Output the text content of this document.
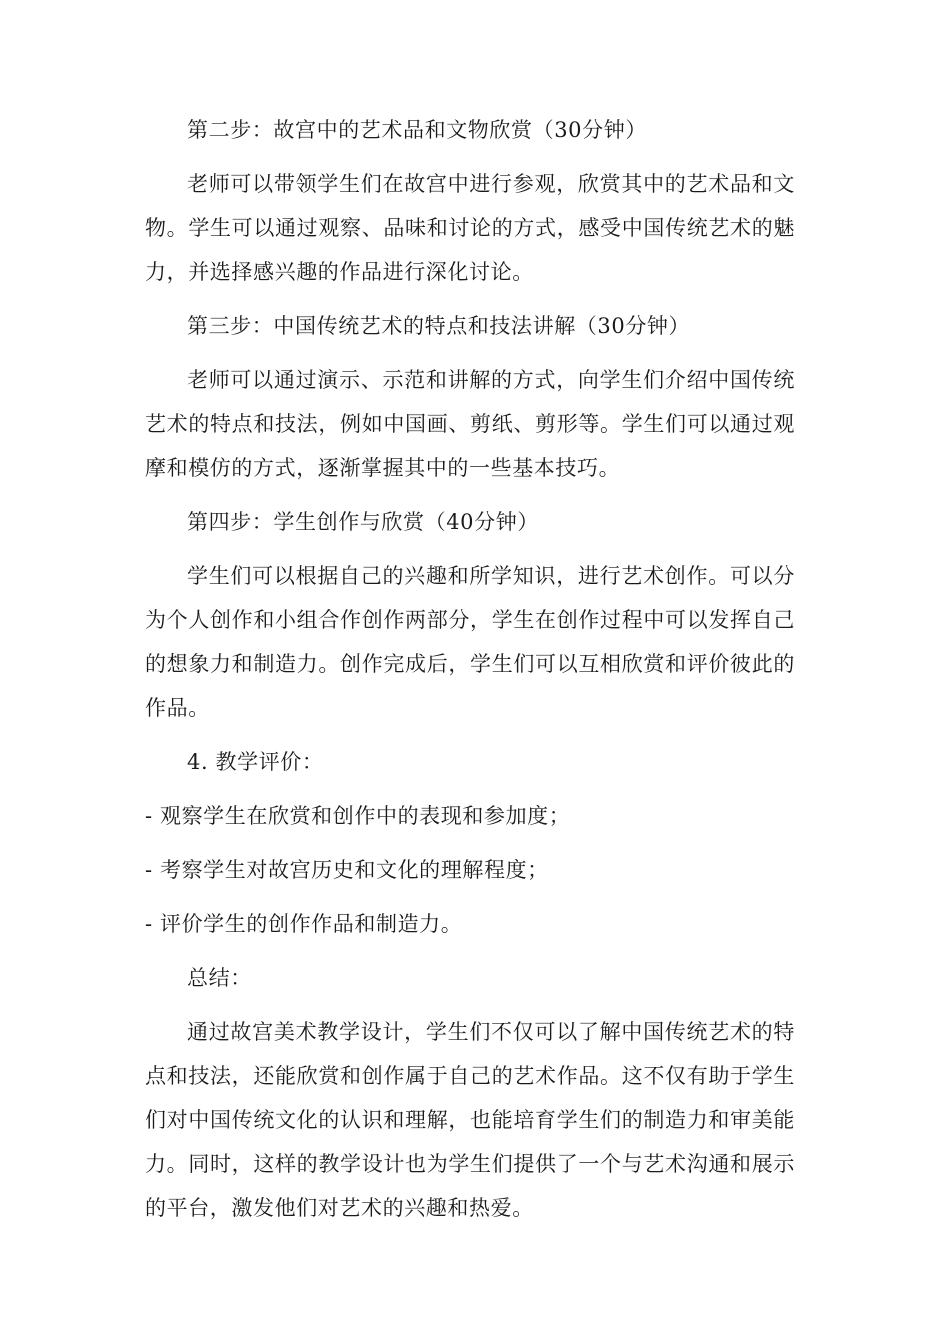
第二步：故宫中的艺术品和文物欣赏（30分钟）

老师可以带领学生们在故宫中进行参观，欣赏其中的艺术品和文物。学生可以通过观察、品味和讨论的方式，感受中国传统艺术的魅力，并选择感兴趣的作品进行深化讨论。

第三步：中国传统艺术的特点和技法讲解（30分钟）

老师可以通过演示、示范和讲解的方式，向学生们介绍中国传统艺术的特点和技法，例如中国画、剪纸、剪形等。学生们可以通过观摩和模仿的方式，逐渐掌握其中的一些基本技巧。

第四步：学生创作与欣赏（40分钟）

学生们可以根据自己的兴趣和所学知识，进行艺术创作。可以分为个人创作和小组合作创作两部分，学生在创作过程中可以发挥自己的想象力和制造力。创作完成后，学生们可以互相欣赏和评价彼此的作品。

4. 教学评价：

- 观察学生在欣赏和创作中的表现和参加度；

- 考察学生对故宫历史和文化的理解程度；

- 评价学生的创作作品和制造力。

总结：

通过故宫美术教学设计，学生们不仅可以了解中国传统艺术的特点和技法，还能欣赏和创作属于自己的艺术作品。这不仅有助于学生们对中国传统文化的认识和理解，也能培育学生们的制造力和审美能力。同时，这样的教学设计也为学生们提供了一个与艺术沟通和展示的平台，激发他们对艺术的兴趣和热爱。
